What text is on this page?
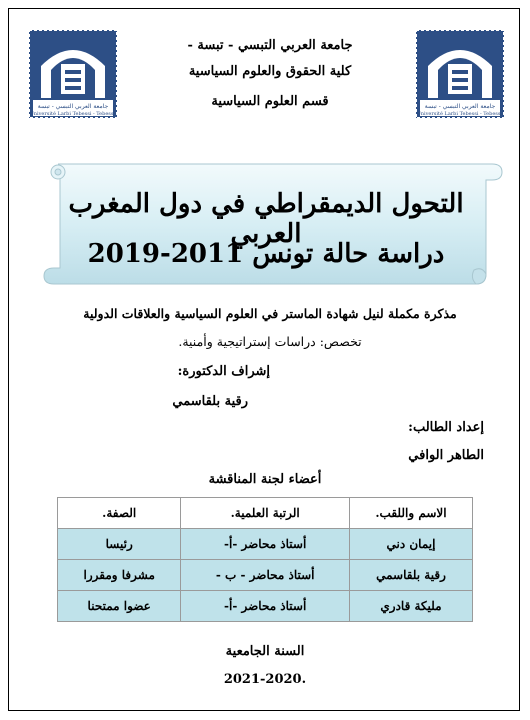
جامعة العربي التبسي - تبسة
Université Larbi Tebessi - Tebessa
جامعة العربي التبسي - تبسة
Université Larbi Tebessi - Tebessa
جامعة العربي التبسي - تبسة -
كلية الحقوق والعلوم السياسية
قسم العلوم السياسية
التحول الديمقراطي في دول المغرب العربي
دراسة حالة تونس 2011-2019
مذكرة مكملة لنيل شهادة الماستر في العلوم السياسية والعلاقات الدولية
تخصص: دراسات إستراتيجية وأمنية.
إشراف الدكتورة:
رقية بلقاسمي
إعداد الطالب:
الطاهر الوافي
أعضاء لجنة المناقشة
الاسم واللقب.	الرتبة العلمية.	الصفة.
إيمان دني	أستاذ محاضر -أ-	رئيسا
رقية بلقاسمي	أستاذ محاضر - ب -	مشرفا ومقررا
مليكة قادري	أستاذ محاضر -أ-	عضوا ممتحنا
السنة الجامعية
2021-2020.
